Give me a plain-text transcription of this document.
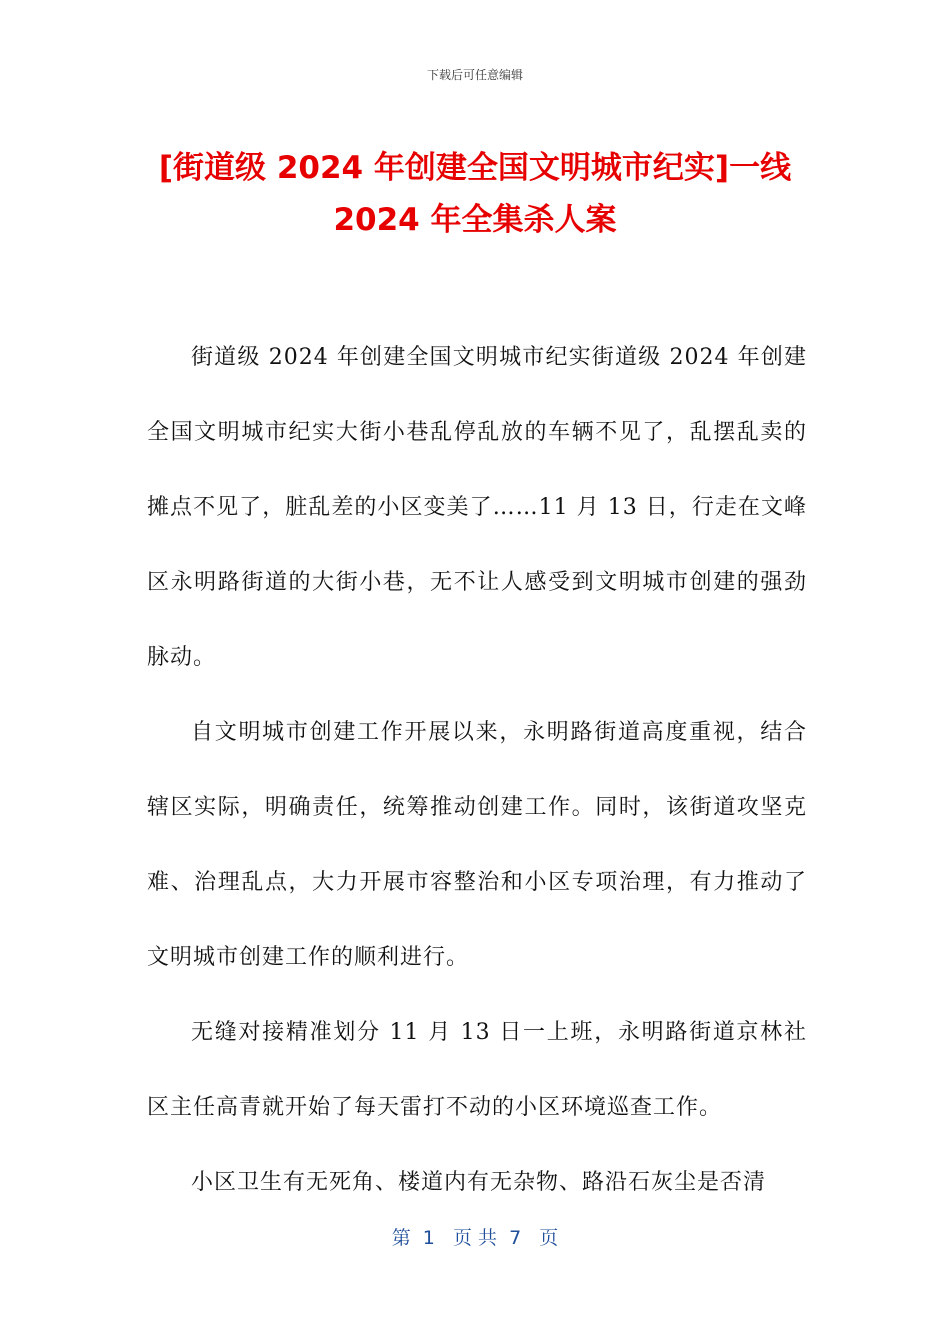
下载后可任意编辑
[街道级 2024 年创建全国文明城市纪实]一线
2024 年全集杀人案

街道级 2024 年创建全国文明城市纪实街道级 2024 年创建全国文明城市纪实大街小巷乱停乱放的车辆不见了，乱摆乱卖的摊点不见了，脏乱差的小区变美了……11 月 13 日，行走在文峰区永明路街道的大街小巷，无不让人感受到文明城市创建的强劲脉动。

自文明城市创建工作开展以来，永明路街道高度重视，结合辖区实际，明确责任，统筹推动创建工作。同时，该街道攻坚克难、治理乱点，大力开展市容整治和小区专项治理，有力推动了文明城市创建工作的顺利进行。

无缝对接精准划分 11 月 13 日一上班，永明路街道京林社区主任高青就开始了每天雷打不动的小区环境巡查工作。

小区卫生有无死角、楼道内有无杂物、路沿石灰尘是否清

第  1   页 共  7   页
